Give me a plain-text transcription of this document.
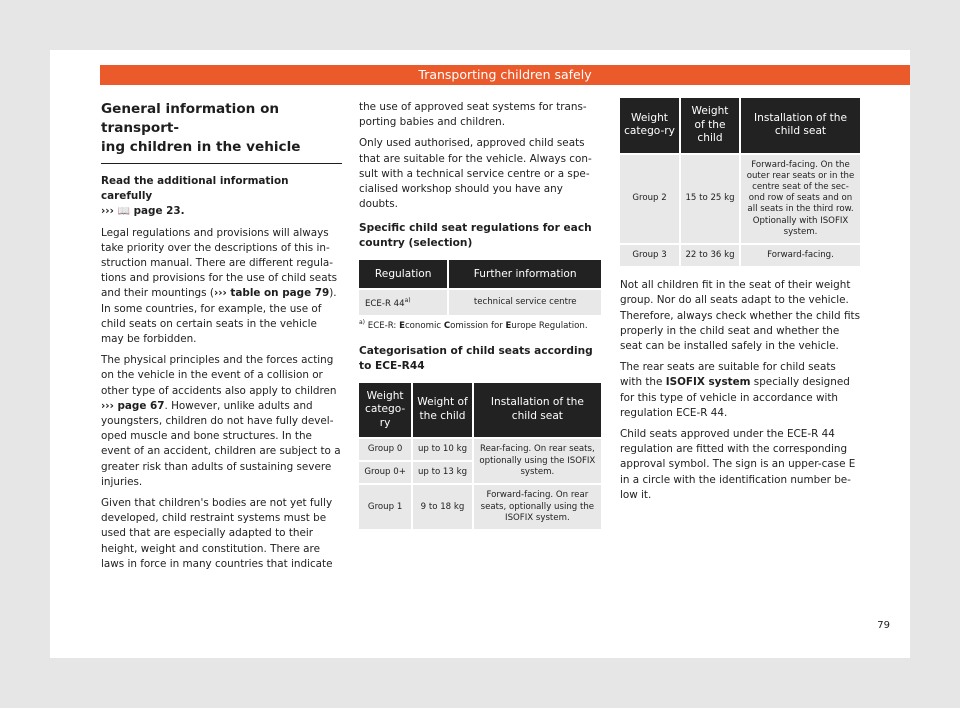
Transporting children safely
General information on transport-
ing children in the vehicle

Read the additional information carefully
››› 📖 page 23.

Legal regulations and provisions will always take priority over the descriptions of this in-struction manual. There are different regula-tions and provisions for the use of child seats and their mountings (››› table on page 79). In some countries, for example, the use of child seats on certain seats in the vehicle may be forbidden.

The physical principles and the forces acting on the vehicle in the event of a collision or other type of accidents also apply to children ››› page 67. However, unlike adults and youngsters, children do not have fully devel-oped muscle and bone structures. In the event of an accident, children are subject to a greater risk than adults of sustaining severe injuries.

Given that children's bodies are not yet fully developed, child restraint systems must be used that are especially adapted to their height, weight and constitution. There are laws in force in many countries that indicate

the use of approved seat systems for trans-porting babies and children.

Only used authorised, approved child seats that are suitable for the vehicle. Always con-sult with a technical service centre or a spe-cialised workshop should you have any doubts.

Specific child seat regulations for each country (selection)
Regulation	Further information
ECE-R 44$^{a)}$	technical service centre

$^{a)}$ ECE-R: Economic Comission for Europe Regulation.

Categorisation of child seats according to ECE-R44
Weight catego-ry	Weight of the child	Installation of the child seat
Group 0	up to 10 kg	Rear-facing. On rear seats, optionally using the ISOFIX system.
Group 0+	up to 13 kg	
Group 1	9 to 18 kg	Forward-facing. On rear seats, optionally using the ISOFIX system.
Weight catego-ry	Weight of the child	Installation of the child seat
Group 2	15 to 25 kg	Forward-facing. On the outer rear seats or in the centre seat of the sec-ond row of seats and on all seats in the third row. Optionally with ISOFIX system.
Group 3	22 to 36 kg	Forward-facing.

Not all children fit in the seat of their weight group. Nor do all seats adapt to the vehicle. Therefore, always check whether the child fits properly in the child seat and whether the seat can be installed safely in the vehicle.

The rear seats are suitable for child seats with the ISOFIX system specially designed for this type of vehicle in accordance with regulation ECE-R 44.

Child seats approved under the ECE-R 44 regulation are fitted with the corresponding approval symbol. The sign is an upper-case E in a circle with the identification number be-low it.

79
